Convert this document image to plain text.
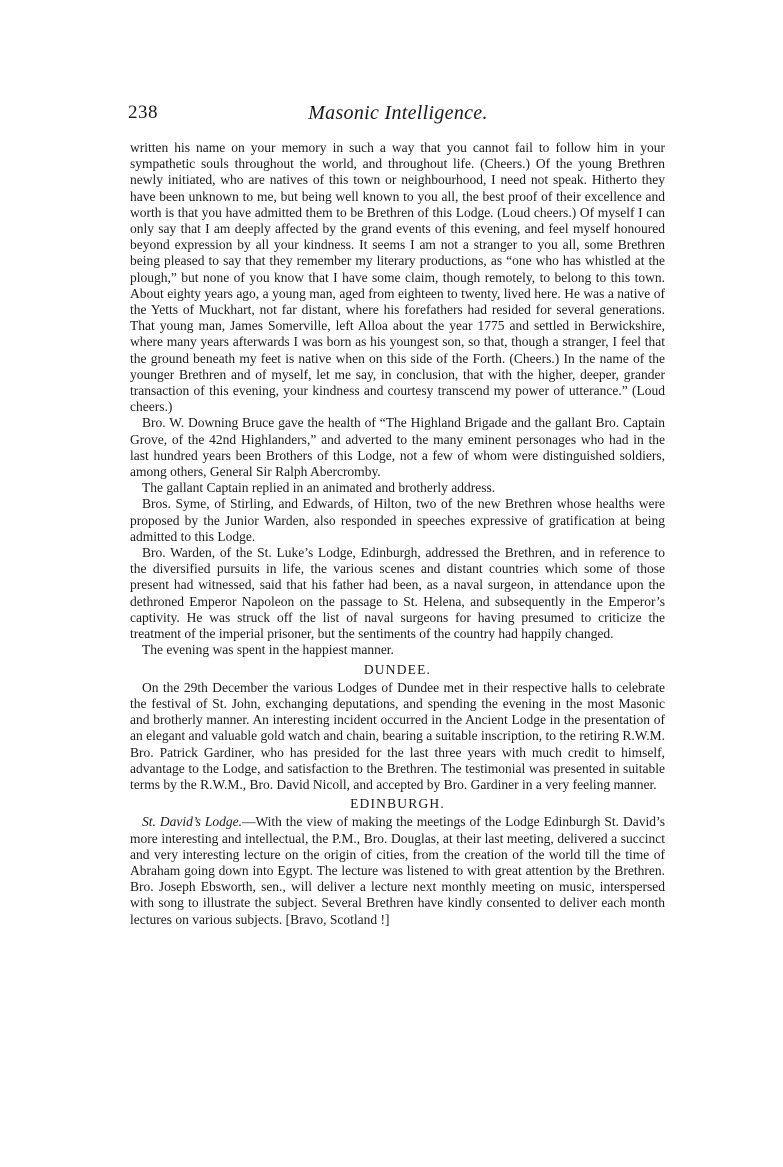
238	Masonic Intelligence.

written his name on your memory in such a way that you cannot fail to follow him in your sympathetic souls throughout the world, and throughout life. (Cheers.) Of the young Brethren newly initiated, who are natives of this town or neighbourhood, I need not speak. Hitherto they have been unknown to me, but being well known to you all, the best proof of their excellence and worth is that you have admitted them to be Brethren of this Lodge. (Loud cheers.) Of myself I can only say that I am deeply affected by the grand events of this evening, and feel myself honoured beyond expression by all your kindness. It seems I am not a stranger to you all, some Brethren being pleased to say that they remember my literary productions, as “one who has whistled at the plough,” but none of you know that I have some claim, though remotely, to belong to this town. About eighty years ago, a young man, aged from eighteen to twenty, lived here. He was a native of the Yetts of Muckhart, not far distant, where his forefathers had resided for several generations. That young man, James Somerville, left Alloa about the year 1775 and settled in Berwickshire, where many years afterwards I was born as his youngest son, so that, though a stranger, I feel that the ground beneath my feet is native when on this side of the Forth. (Cheers.) In the name of the younger Brethren and of myself, let me say, in conclusion, that with the higher, deeper, grander transaction of this evening, your kindness and courtesy transcend my power of utterance.” (Loud cheers.)

Bro. W. Downing Bruce gave the health of “The Highland Brigade and the gallant Bro. Captain Grove, of the 42nd Highlanders,” and adverted to the many eminent personages who had in the last hundred years been Brothers of this Lodge, not a few of whom were distinguished soldiers, among others, General Sir Ralph Abercromby.

The gallant Captain replied in an animated and brotherly address.

Bros. Syme, of Stirling, and Edwards, of Hilton, two of the new Brethren whose healths were proposed by the Junior Warden, also responded in speeches expressive of gratification at being admitted to this Lodge.

Bro. Warden, of the St. Luke’s Lodge, Edinburgh, addressed the Brethren, and in reference to the diversified pursuits in life, the various scenes and distant countries which some of those present had witnessed, said that his father had been, as a naval surgeon, in attendance upon the dethroned Emperor Napoleon on the passage to St. Helena, and subsequently in the Emperor’s captivity. He was struck off the list of naval surgeons for having presumed to criticize the treatment of the imperial prisoner, but the sentiments of the country had happily changed.

The evening was spent in the happiest manner.

DUNDEE.

On the 29th December the various Lodges of Dundee met in their respective halls to celebrate the festival of St. John, exchanging deputations, and spending the evening in the most Masonic and brotherly manner. An interesting incident occurred in the Ancient Lodge in the presentation of an elegant and valuable gold watch and chain, bearing a suitable inscription, to the retiring R.W.M. Bro. Patrick Gardiner, who has presided for the last three years with much credit to himself, advantage to the Lodge, and satisfaction to the Brethren. The testimonial was presented in suitable terms by the R.W.M., Bro. David Nicoll, and accepted by Bro. Gardiner in a very feeling manner.

EDINBURGH.

St. David’s Lodge.—With the view of making the meetings of the Lodge Edinburgh St. David’s more interesting and intellectual, the P.M., Bro. Douglas, at their last meeting, delivered a succinct and very interesting lecture on the origin of cities, from the creation of the world till the time of Abraham going down into Egypt. The lecture was listened to with great attention by the Brethren. Bro. Joseph Ebsworth, sen., will deliver a lecture next monthly meeting on music, interspersed with song to illustrate the subject. Several Brethren have kindly consented to deliver each month lectures on various subjects. [Bravo, Scotland !]
